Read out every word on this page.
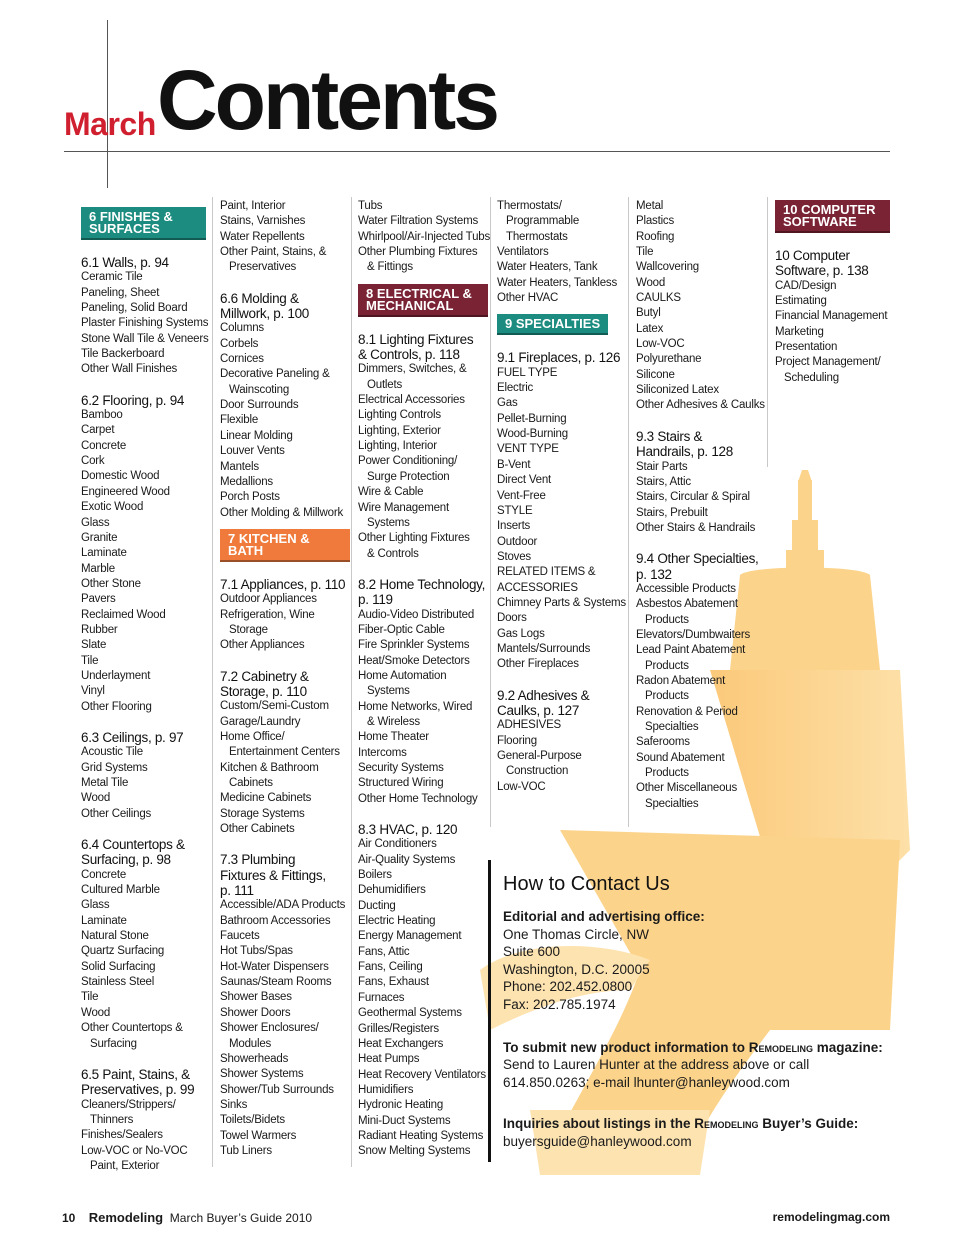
March Contents
6 FINISHES & SURFACES
6.1 Walls, p. 94
Ceramic Tile
Paneling, Sheet
Paneling, Solid Board
Plaster Finishing Systems
Stone Wall Tile & Veneers
Tile Backerboard
Other Wall Finishes
6.2 Flooring, p. 94
Bamboo
Carpet
Concrete
Cork
Domestic Wood
Engineered Wood
Exotic Wood
Glass
Granite
Laminate
Marble
Other Stone
Pavers
Reclaimed Wood
Rubber
Slate
Tile
Underlayment
Vinyl
Other Flooring
6.3 Ceilings, p. 97
Acoustic Tile
Grid Systems
Metal Tile
Wood
Other Ceilings
6.4 Countertops &
Surfacing, p. 98
Concrete
Cultured Marble
Glass
Laminate
Natural Stone
Quartz Surfacing
Solid Surfacing
Stainless Steel
Tile
Wood
Other Countertops &
Surfacing
6.5 Paint, Stains, &
Preservatives, p. 99
Cleaners/Strippers/
Thinners
Finishes/Sealers
Low-VOC or No-VOC
Paint, Exterior
Paint, Interior
Stains, Varnishes
Water Repellents
Other Paint, Stains, &
Preservatives
6.6 Molding &
Millwork, p. 100
Columns
Corbels
Cornices
Decorative Paneling &
Wainscoting
Door Surrounds
Flexible
Linear Molding
Louver Vents
Mantels
Medallions
Porch Posts
Other Molding & Millwork
7 KITCHEN & BATH
7.1 Appliances, p. 110
Outdoor Appliances
Refrigeration, Wine
Storage
Other Appliances
7.2 Cabinetry &
Storage, p. 110
Custom/Semi-Custom
Garage/Laundry
Home Office/
Entertainment Centers
Kitchen & Bathroom
Cabinets
Medicine Cabinets
Storage Systems
Other Cabinets
7.3 Plumbing
Fixtures & Fittings,
p. 111
Accessible/ADA Products
Bathroom Accessories
Faucets
Hot Tubs/Spas
Hot-Water Dispensers
Saunas/Steam Rooms
Shower Bases
Shower Doors
Shower Enclosures/
Modules
Showerheads
Shower Systems
Shower/Tub Surrounds
Sinks
Toilets/Bidets
Towel Warmers
Tub Liners
Tubs
Water Filtration Systems
Whirlpool/Air-Injected Tubs
Other Plumbing Fixtures
& Fittings
8 ELECTRICAL & MECHANICAL
8.1 Lighting Fixtures
& Controls, p. 118
Dimmers, Switches, &
Outlets
Electrical Accessories
Lighting Controls
Lighting, Exterior
Lighting, Interior
Power Conditioning/
Surge Protection
Wire & Cable
Wire Management
Systems
Other Lighting Fixtures
& Controls
8.2 Home Technology,
p. 119
Audio-Video Distributed
Fiber-Optic Cable
Fire Sprinkler Systems
Heat/Smoke Detectors
Home Automation
Systems
Home Networks, Wired
& Wireless
Home Theater
Intercoms
Security Systems
Structured Wiring
Other Home Technology
8.3 HVAC, p. 120
Air Conditioners
Air-Quality Systems
Boilers
Dehumidifiers
Ducting
Electric Heating
Energy Management
Fans, Attic
Fans, Ceiling
Fans, Exhaust
Furnaces
Geothermal Systems
Grilles/Registers
Heat Exchangers
Heat Pumps
Heat Recovery Ventilators
Humidifiers
Hydronic Heating
Mini-Duct Systems
Radiant Heating Systems
Snow Melting Systems
Thermostats/
Programmable
Thermostats
Ventilators
Water Heaters, Tank
Water Heaters, Tankless
Other HVAC
9 SPECIALTIES
9.1 Fireplaces, p. 126
FUEL TYPE
Electric
Gas
Pellet-Burning
Wood-Burning
VENT TYPE
B-Vent
Direct Vent
Vent-Free
STYLE
Inserts
Outdoor
Stoves
RELATED ITEMS &
ACCESSORIES
Chimney Parts & Systems
Doors
Gas Logs
Mantels/Surrounds
Other Fireplaces
9.2 Adhesives &
Caulks, p. 127
ADHESIVES
Flooring
General-Purpose
Construction
Low-VOC
Metal
Plastics
Roofing
Tile
Wallcovering
Wood
CAULKS
Butyl
Latex
Low-VOC
Polyurethane
Silicone
Siliconized Latex
Other Adhesives & Caulks
9.3 Stairs &
Handrails, p. 128
Stair Parts
Stairs, Attic
Stairs, Circular & Spiral
Stairs, Prebuilt
Other Stairs & Handrails
9.4 Other Specialties,
p. 132
Accessible Products
Asbestos Abatement
Products
Elevators/Dumbwaiters
Lead Paint Abatement
Products
Radon Abatement
Products
Renovation & Period
Specialties
Saferooms
Sound Abatement
Products
Other Miscellaneous
Specialties
10 COMPUTER SOFTWARE
10 Computer
Software, p. 138
CAD/Design
Estimating
Financial Management
Marketing
Presentation
Project Management/
Scheduling
How to Contact Us
Editorial and advertising office:
One Thomas Circle, NW
Suite 600
Washington, D.C. 20005
Phone: 202.452.0800
Fax: 202.785.1974
To submit new product information to Remodeling magazine:
Send to Lauren Hunter at the address above or call
614.850.0263; e-mail lhunter@hanleywood.com
Inquiries about listings in the Remodeling Buyer’s Guide:
buyersguide@hanleywood.com
10 Remodeling March Buyer’s Guide 2010	remodelingmag.com
